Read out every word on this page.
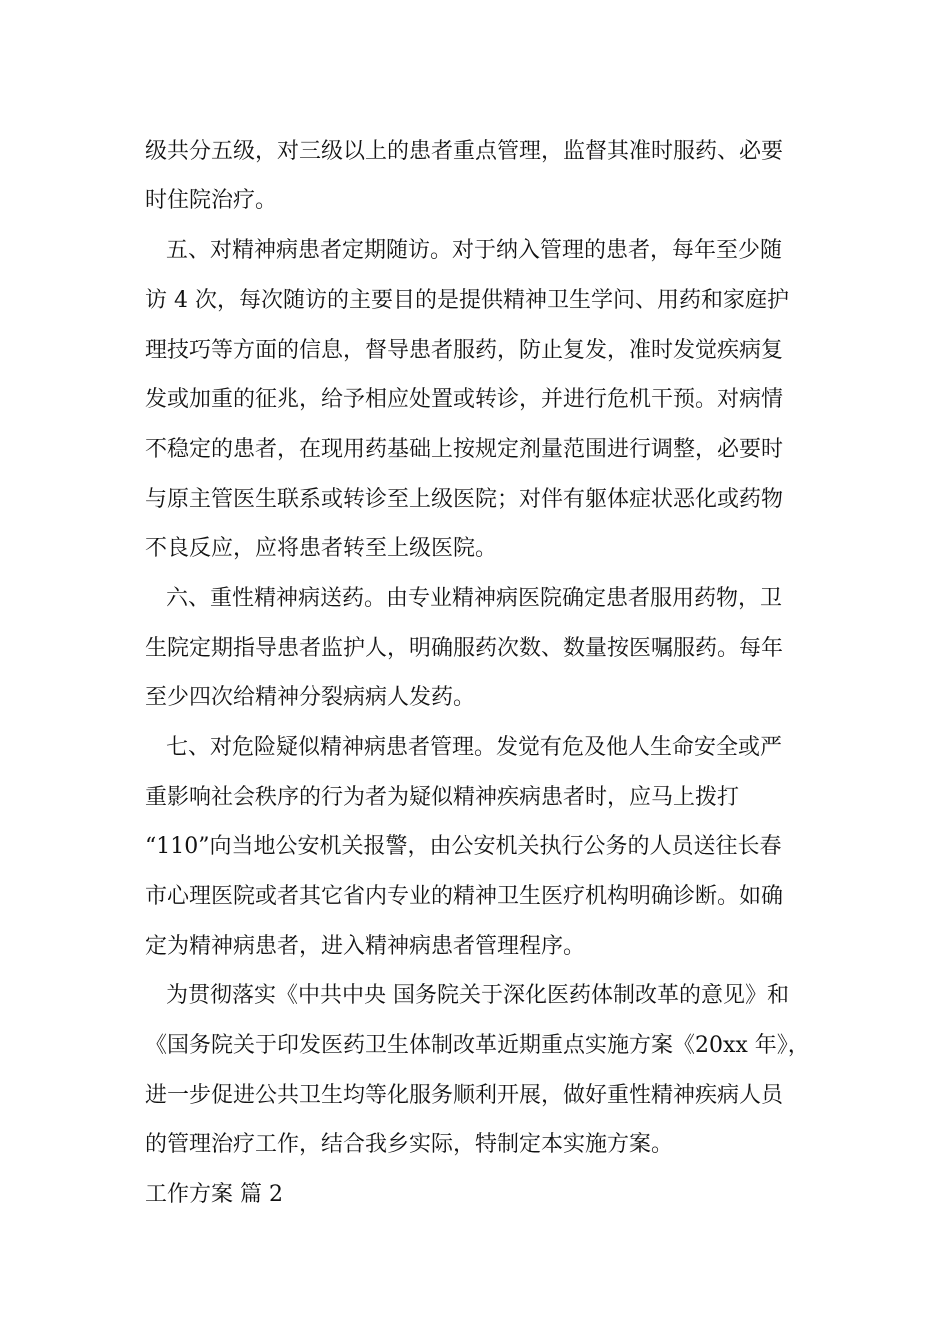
级共分五级，对三级以上的患者重点管理，监督其准时服药、必要

时住院治疗。

五、对精神病患者定期随访。对于纳入管理的患者，每年至少随

访 4 次，每次随访的主要目的是提供精神卫生学问、用药和家庭护

理技巧等方面的信息，督导患者服药，防止复发，准时发觉疾病复

发或加重的征兆，给予相应处置或转诊，并进行危机干预。对病情

不稳定的患者，在现用药基础上按规定剂量范围进行调整，必要时

与原主管医生联系或转诊至上级医院；对伴有躯体症状恶化或药物

不良反应，应将患者转至上级医院。

六、重性精神病送药。由专业精神病医院确定患者服用药物，卫

生院定期指导患者监护人，明确服药次数、数量按医嘱服药。每年

至少四次给精神分裂病病人发药。

七、对危险疑似精神病患者管理。发觉有危及他人生命安全或严

重影响社会秩序的行为者为疑似精神疾病患者时，应马上拨打

“110”向当地公安机关报警，由公安机关执行公务的人员送往长春

市心理医院或者其它省内专业的精神卫生医疗机构明确诊断。如确

定为精神病患者，进入精神病患者管理程序。

为贯彻落实《中共中央 国务院关于深化医药体制改革的意见》和

《国务院关于印发医药卫生体制改革近期重点实施方案《20xx 年》，

进一步促进公共卫生均等化服务顺利开展，做好重性精神疾病人员

的管理治疗工作，结合我乡实际，特制定本实施方案。

工作方案 篇 2
